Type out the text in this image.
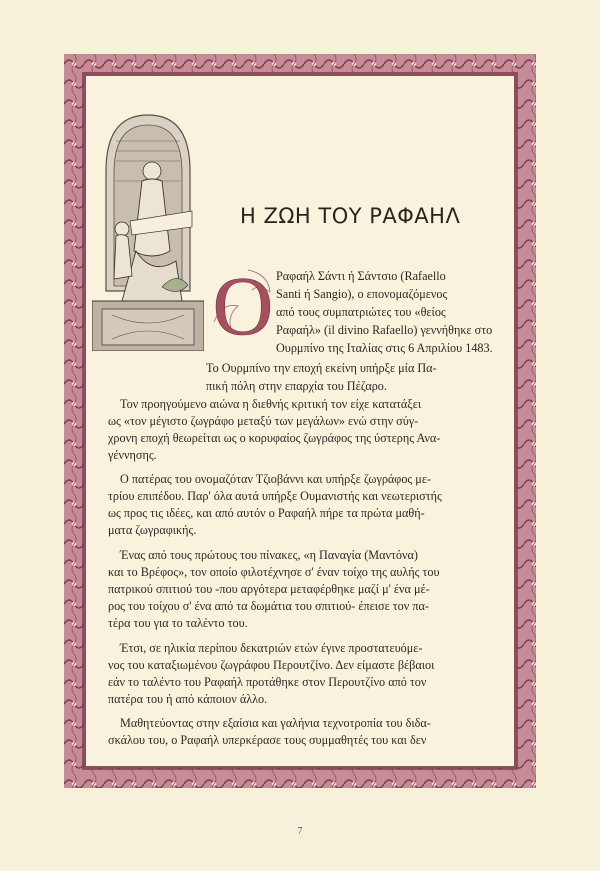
Ο
Η ΖΩΗ ΤΟΥ ΡΑΦΑΗΛ
Ραφαήλ Σάντι ή Σάντσιο (Rafaello
Santi ή Sangio), ο επονομαζόμενος
από τους συμπατριώτες του «θείος
Ραφαήλ» (il divino Rafaello) γεννήθηκε στο
Ουρμπίνο της Ιταλίας στις 6 Απριλίου 1483.
Το Ουρμπίνο την εποχή εκείνη υπήρξε μία Πα-
πική πόλη στην επαρχία του Πέζαρο.
Τον προηγούμενο αιώνα η διεθνής κριτική τον είχε κατατάξει
ως «τον μέγιστο ζωγράφο μεταξύ των μεγάλων» ενώ στην σύγ-
χρονη εποχή θεωρείται ως ο κορυφαίος ζωγράφος της ύστερης Ανα-
γέννησης.
Ο πατέρας του ονομαζόταν Τζιοβάννι και υπήρξε ζωγράφος με-
τρίου επιπέδου. Παρ' όλα αυτά υπήρξε Ουμανιστής και νεωτεριστής
ως προς τις ιδέες, και από αυτόν ο Ραφαήλ πήρε τα πρώτα μαθή-
ματα ζωγραφικής.
Ένας από τους πρώτους του πίνακες, «η Παναγία (Μαντόνα)
και το Βρέφος», τον οποίο φιλοτέχνησε σ' έναν τοίχο της αυλής του
πατρικού σπιτιού του -που αργότερα μεταφέρθηκε μαζί μ' ένα μέ-
ρος του τοίχου σ' ένα από τα δωμάτια του σπιτιού- έπεισε τον πα-
τέρα του για το ταλέντο του.
Έτσι, σε ηλικία περίπου δεκατριών ετών έγινε προστατευόμε-
νος του καταξιωμένου ζωγράφου Περουτζίνο. Δεν είμαστε βέβαιοι
εάν το ταλέντο του Ραφαήλ προτάθηκε στον Περουτζίνο από τον
πατέρα του ή από κάποιον άλλο.
Μαθητεύοντας στην εξαίσια και γαλήνια τεχνοτροπία του διδα-
σκάλου του, ο Ραφαήλ υπερκέρασε τους συμμαθητές του και δεν
7
